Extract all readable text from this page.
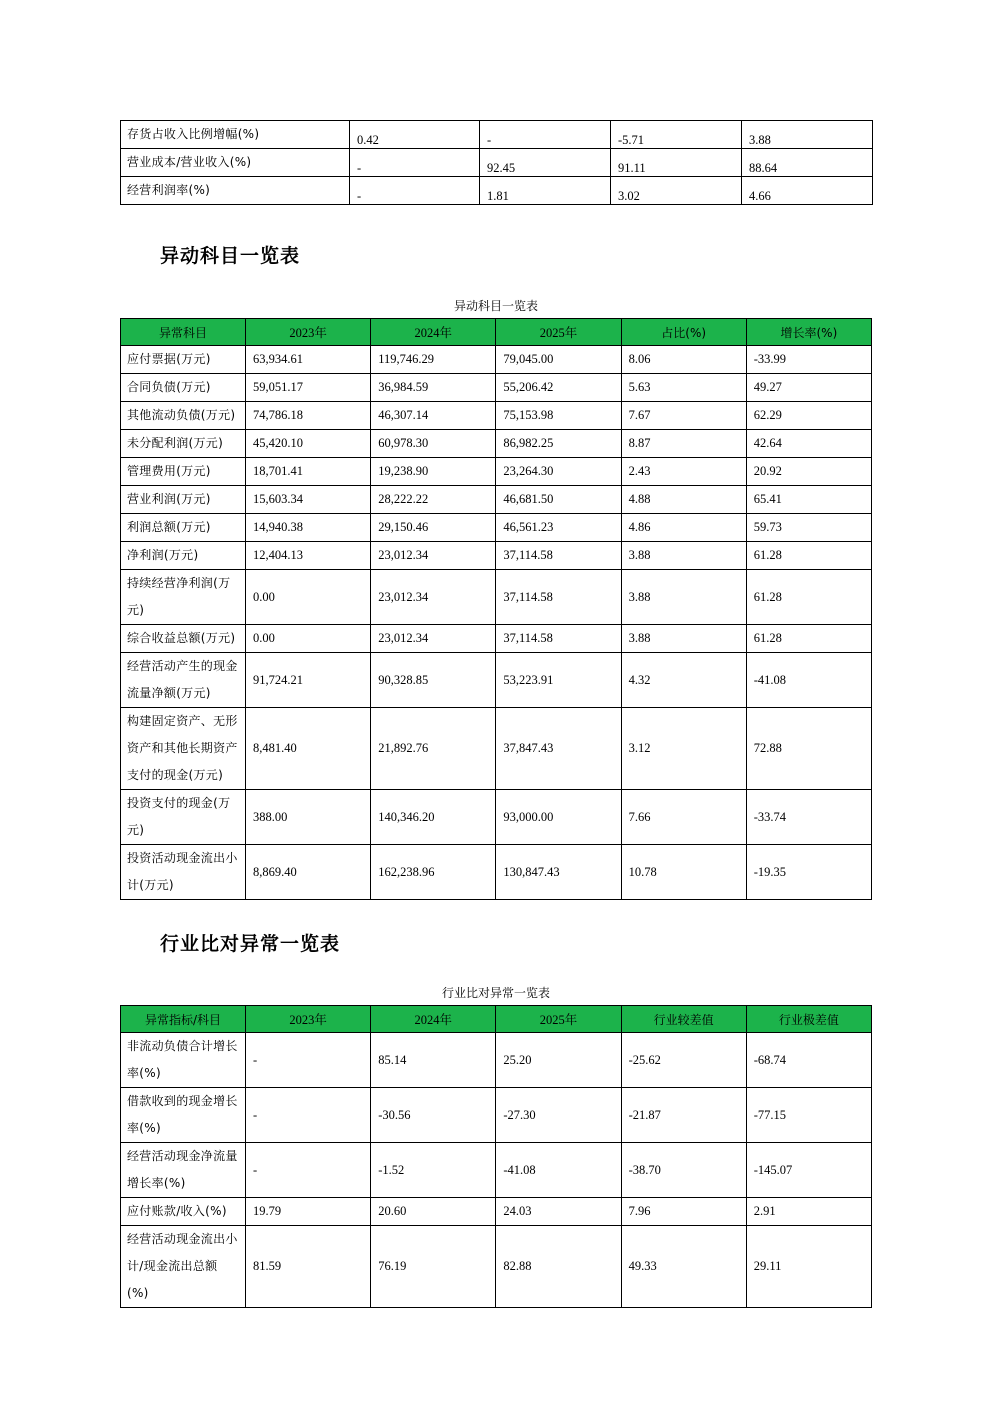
存货占收入比例增幅(%)	0.42	-	-5.71	3.88
营业成本/营业收入(%)	-	92.45	91.11	88.64
经营利润率(%)	-	1.81	3.02	4.66
异动科目一览表
异动科目一览表
异常科目	2023年	2024年	2025年	占比(%)	增长率(%)
应付票据(万元)	63,934.61	119,746.29	79,045.00	8.06	-33.99
合同负债(万元)	59,051.17	36,984.59	55,206.42	5.63	49.27
其他流动负债(万元)	74,786.18	46,307.14	75,153.98	7.67	62.29
未分配利润(万元)	45,420.10	60,978.30	86,982.25	8.87	42.64
管理费用(万元)	18,701.41	19,238.90	23,264.30	2.43	20.92
营业利润(万元)	15,603.34	28,222.22	46,681.50	4.88	65.41
利润总额(万元)	14,940.38	29,150.46	46,561.23	4.86	59.73
净利润(万元)	12,404.13	23,012.34	37,114.58	3.88	61.28
持续经营净利润(万元)	0.00	23,012.34	37,114.58	3.88	61.28
综合收益总额(万元)	0.00	23,012.34	37,114.58	3.88	61.28
经营活动产生的现金流量净额(万元)	91,724.21	90,328.85	53,223.91	4.32	-41.08
构建固定资产、无形资产和其他长期资产支付的现金(万元)	8,481.40	21,892.76	37,847.43	3.12	72.88
投资支付的现金(万元)	388.00	140,346.20	93,000.00	7.66	-33.74
投资活动现金流出小计(万元)	8,869.40	162,238.96	130,847.43	10.78	-19.35
行业比对异常一览表
行业比对异常一览表
异常指标/科目	2023年	2024年	2025年	行业较差值	行业极差值
非流动负债合计增长率(%)	-	85.14	25.20	-25.62	-68.74
借款收到的现金增长率(%)	-	-30.56	-27.30	-21.87	-77.15
经营活动现金净流量增长率(%)	-	-1.52	-41.08	-38.70	-145.07
应付账款/收入(%)	19.79	20.60	24.03	7.96	2.91
经营活动现金流出小计/现金流出总额(%)	81.59	76.19	82.88	49.33	29.11
